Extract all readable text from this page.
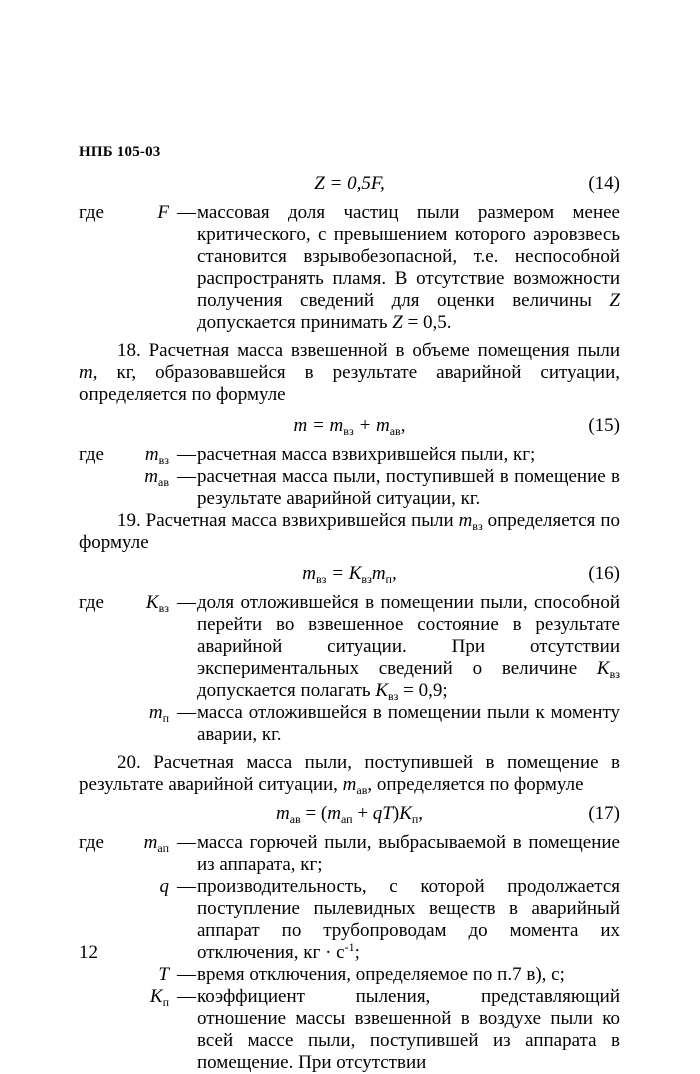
НПБ 105-03
Z = 0,5F,	(14)
где	F — массовая доля частиц пыли размером менее критического, с превышением которого аэровзвесь становится взрывобезопасной, т.е. неспособной распространять пламя. В отсутствие возможности получения сведений для оценки величины Z допускается принимать Z = 0,5.

18. Расчетная масса взвешенной в объеме помещения пыли m, кг, образовавшейся в результате аварийной ситуации, определяется по формуле

$m = m_{вз} + m_{ав}$,	(15)
где	$m_{вз}$ — расчетная масса взвихрившейся пыли, кг;
$m_{ав}$ — расчетная масса пыли, поступившей в помещение в результате аварийной ситуации, кг.

19. Расчетная масса взвихрившейся пыли $m_{вз}$ определяется по формуле

$m_{вз} = K_{вз}m_п$,	(16)
где	$K_{вз}$ — доля отложившейся в помещении пыли, способной перейти во взвешенное состояние в результате аварийной ситуации. При отсутствии экспериментальных сведений о величине $K_{вз}$ допускается полагать $K_{вз} = 0,9$;
$m_п$ — масса отложившейся в помещении пыли к моменту аварии, кг.

20. Расчетная масса пыли, поступившей в помещение в результате аварийной ситуации, $m_{ав}$, определяется по формуле

$m_{ав} = (m_{ап} + qT)K_п$,	(17)
где	$m_{ап}$ — масса горючей пыли, выбрасываемой в помещение из аппарата, кг;
q — производительность, с которой продолжается поступление пылевидных веществ в аварийный аппарат по трубопроводам до момента их отключения, кг · $с^{-1}$;
T — время отключения, определяемое по п.7 в), с;
$K_п$ — коэффициент пыления, представляющий отношение массы взвешенной в воздухе пыли ко всей массе пыли, поступившей из аппарата в помещение. При отсутствии
12
